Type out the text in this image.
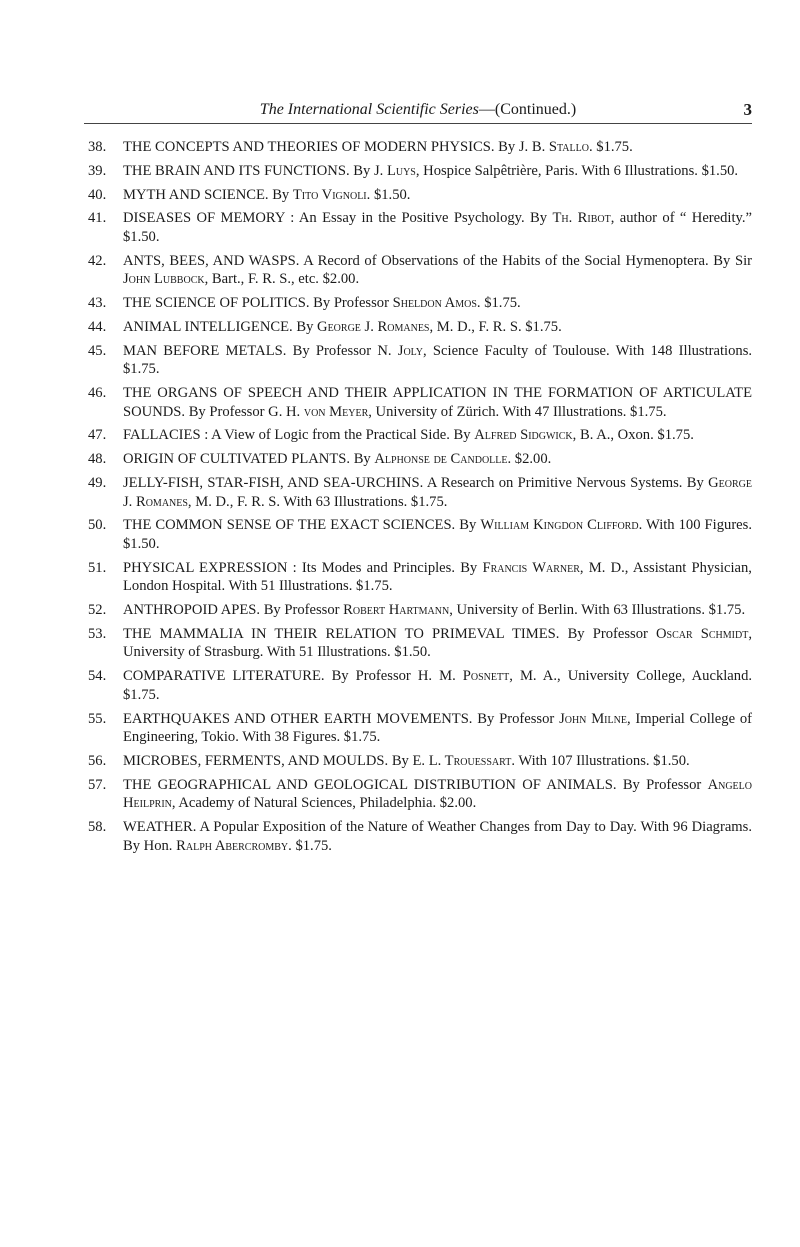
The International Scientific Series—(Continued.)	3
38. THE CONCEPTS AND THEORIES OF MODERN PHYSICS. By J. B. Stallo. $1.75.
39. THE BRAIN AND ITS FUNCTIONS. By J. Luys, Hospice Salpêtrière, Paris. With 6 Illustrations. $1.50.
40. MYTH AND SCIENCE. By Tito Vignoli. $1.50.
41. DISEASES OF MEMORY : An Essay in the Positive Psychology. By Th. Ribot, author of “ Heredity.” $1.50.
42. ANTS, BEES, AND WASPS. A Record of Observations of the Habits of the Social Hymenoptera. By Sir John Lubbock, Bart., F. R. S., etc. $2.00.
43. THE SCIENCE OF POLITICS. By Professor Sheldon Amos. $1.75.
44. ANIMAL INTELLIGENCE. By George J. Romanes, M. D., F. R. S. $1.75.
45. MAN BEFORE METALS. By Professor N. Joly, Science Faculty of Toulouse. With 148 Illustrations. $1.75.
46. THE ORGANS OF SPEECH AND THEIR APPLICATION IN THE FORMATION OF ARTICULATE SOUNDS. By Professor G. H. von Meyer, University of Zürich. With 47 Illustrations. $1.75.
47. FALLACIES : A View of Logic from the Practical Side. By Alfred Sidgwick, B. A., Oxon. $1.75.
48. ORIGIN OF CULTIVATED PLANTS. By Alphonse de Candolle. $2.00.
49. JELLY-FISH, STAR-FISH, AND SEA-URCHINS. A Research on Primitive Nervous Systems. By George J. Romanes, M. D., F. R. S. With 63 Illustrations. $1.75.
50. THE COMMON SENSE OF THE EXACT SCIENCES. By William Kingdon Clifford. With 100 Figures. $1.50.
51. PHYSICAL EXPRESSION : Its Modes and Principles. By Francis Warner, M. D., Assistant Physician, London Hospital. With 51 Illustrations. $1.75.
52. ANTHROPOID APES. By Professor Robert Hartmann, University of Berlin. With 63 Illustrations. $1.75.
53. THE MAMMALIA IN THEIR RELATION TO PRIMEVAL TIMES. By Professor Oscar Schmidt, University of Strasburg. With 51 Illustrations. $1.50.
54. COMPARATIVE LITERATURE. By Professor H. M. Posnett, M. A., University College, Auckland. $1.75.
55. EARTHQUAKES AND OTHER EARTH MOVEMENTS. By Professor John Milne, Imperial College of Engineering, Tokio. With 38 Figures. $1.75.
56. MICROBES, FERMENTS, AND MOULDS. By E. L. Trouessart. With 107 Illustrations. $1.50.
57. THE GEOGRAPHICAL AND GEOLOGICAL DISTRIBUTION OF ANIMALS. By Professor Angelo Heilprin, Academy of Natural Sciences, Philadelphia. $2.00.
58. WEATHER. A Popular Exposition of the Nature of Weather Changes from Day to Day. With 96 Diagrams. By Hon. Ralph Abercromby. $1.75.
